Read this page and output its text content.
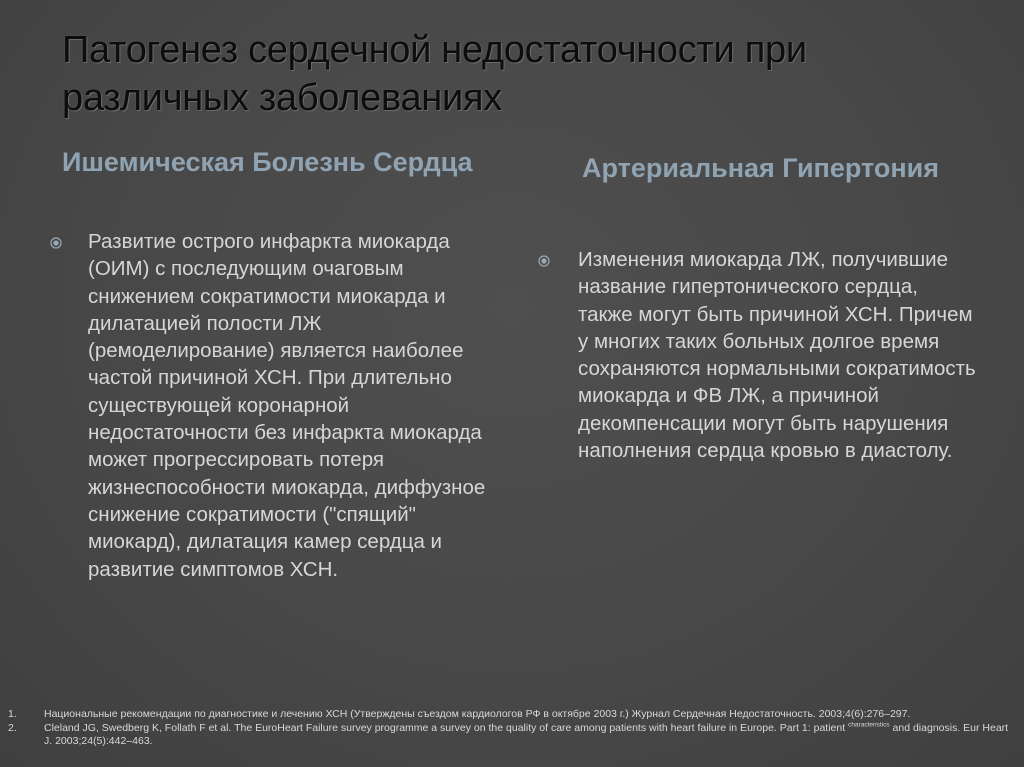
Патогенез сердечной недостаточности при различных заболеваниях
Ишемическая Болезнь Сердца	Артериальная Гипертония

Развитие острого инфаркта миокарда (ОИМ) с последующим очаговым снижением сократимости миокарда и дилатацией полости ЛЖ (ремоделирование) является наиболее частой причиной ХСН. При длительно существующей коронарной недостаточности без инфаркта миокарда может прогрессировать потеря жизнеспособности миокарда, диффузное снижение сократимости ("спящий" миокард), дилатация камер сердца и развитие симптомов ХСН.

Изменения миокарда ЛЖ, получившие название гипертонического сердца, также могут быть причиной ХСН. Причем у многих таких больных долгое время сохраняются нормальными сократимость миокарда и ФВ ЛЖ, а причиной декомпенсации могут быть нарушения наполнения сердца кровью в диастолу.

1.	Национальные рекомендации по диагностике и лечению ХСН (Утверждены съездом кардиологов РФ в октябре 2003 г.) Журнал Сердечная Недостаточность. 2003;4(6):276–297.
2.	Cleland JG, Swedberg K, Follath F et al. The EuroHeart Failure survey programme a survey on the quality of care among patients with heart failure in Europe. Part 1: patient $^{characteristics}$ and diagnosis. Eur Heart J. 2003;24(5):442–463.
